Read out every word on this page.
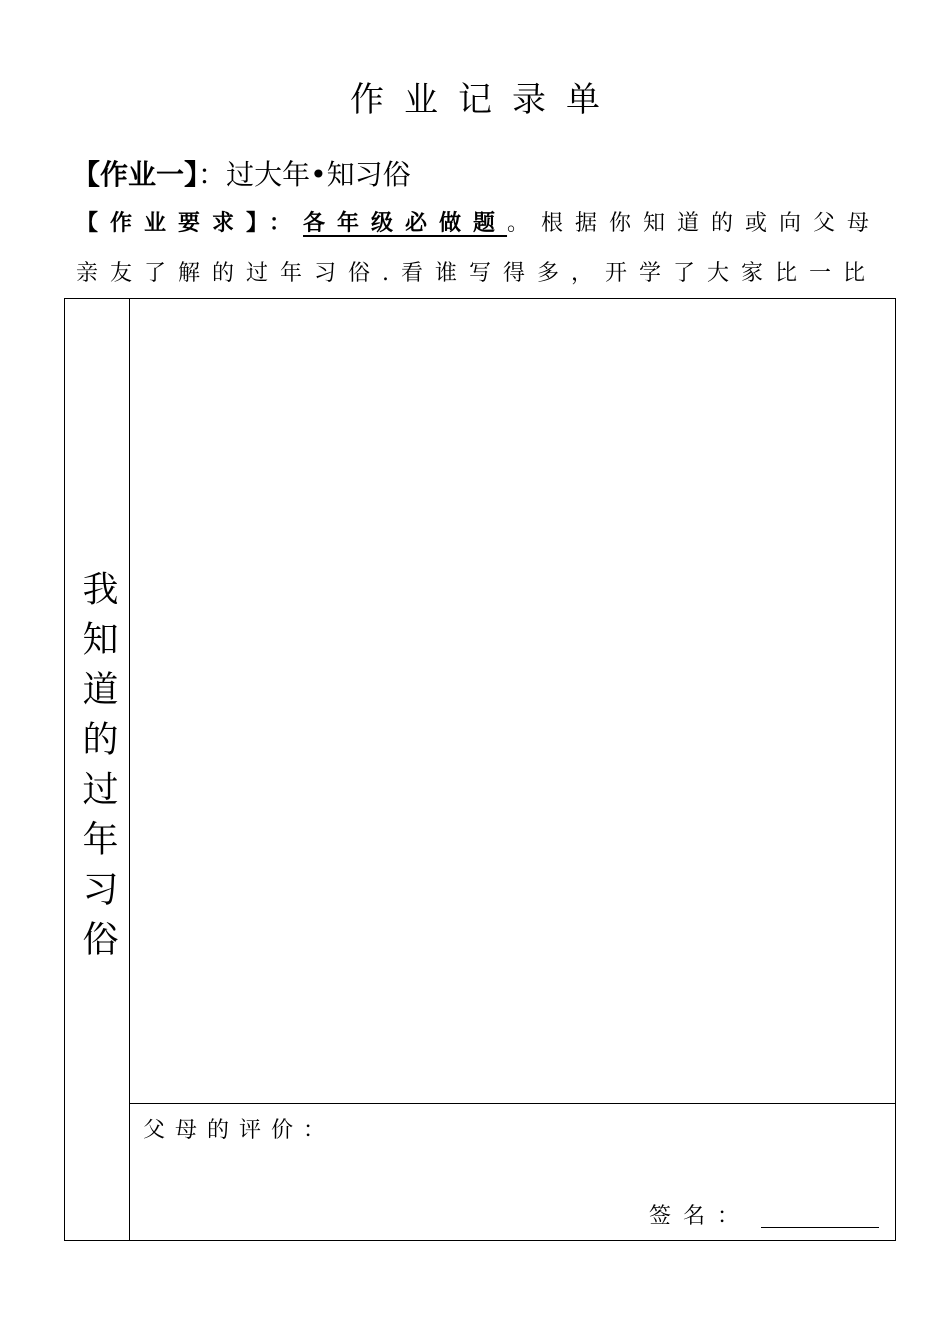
作业记录单
【作业一】：过大年•知习俗
【作业要求】：各年级必做题。根据你知道的或向父母
亲友了解的过年习俗.看谁写得多，开学了大家比一比
我知道的过年习俗
父母的评价：
签名：
